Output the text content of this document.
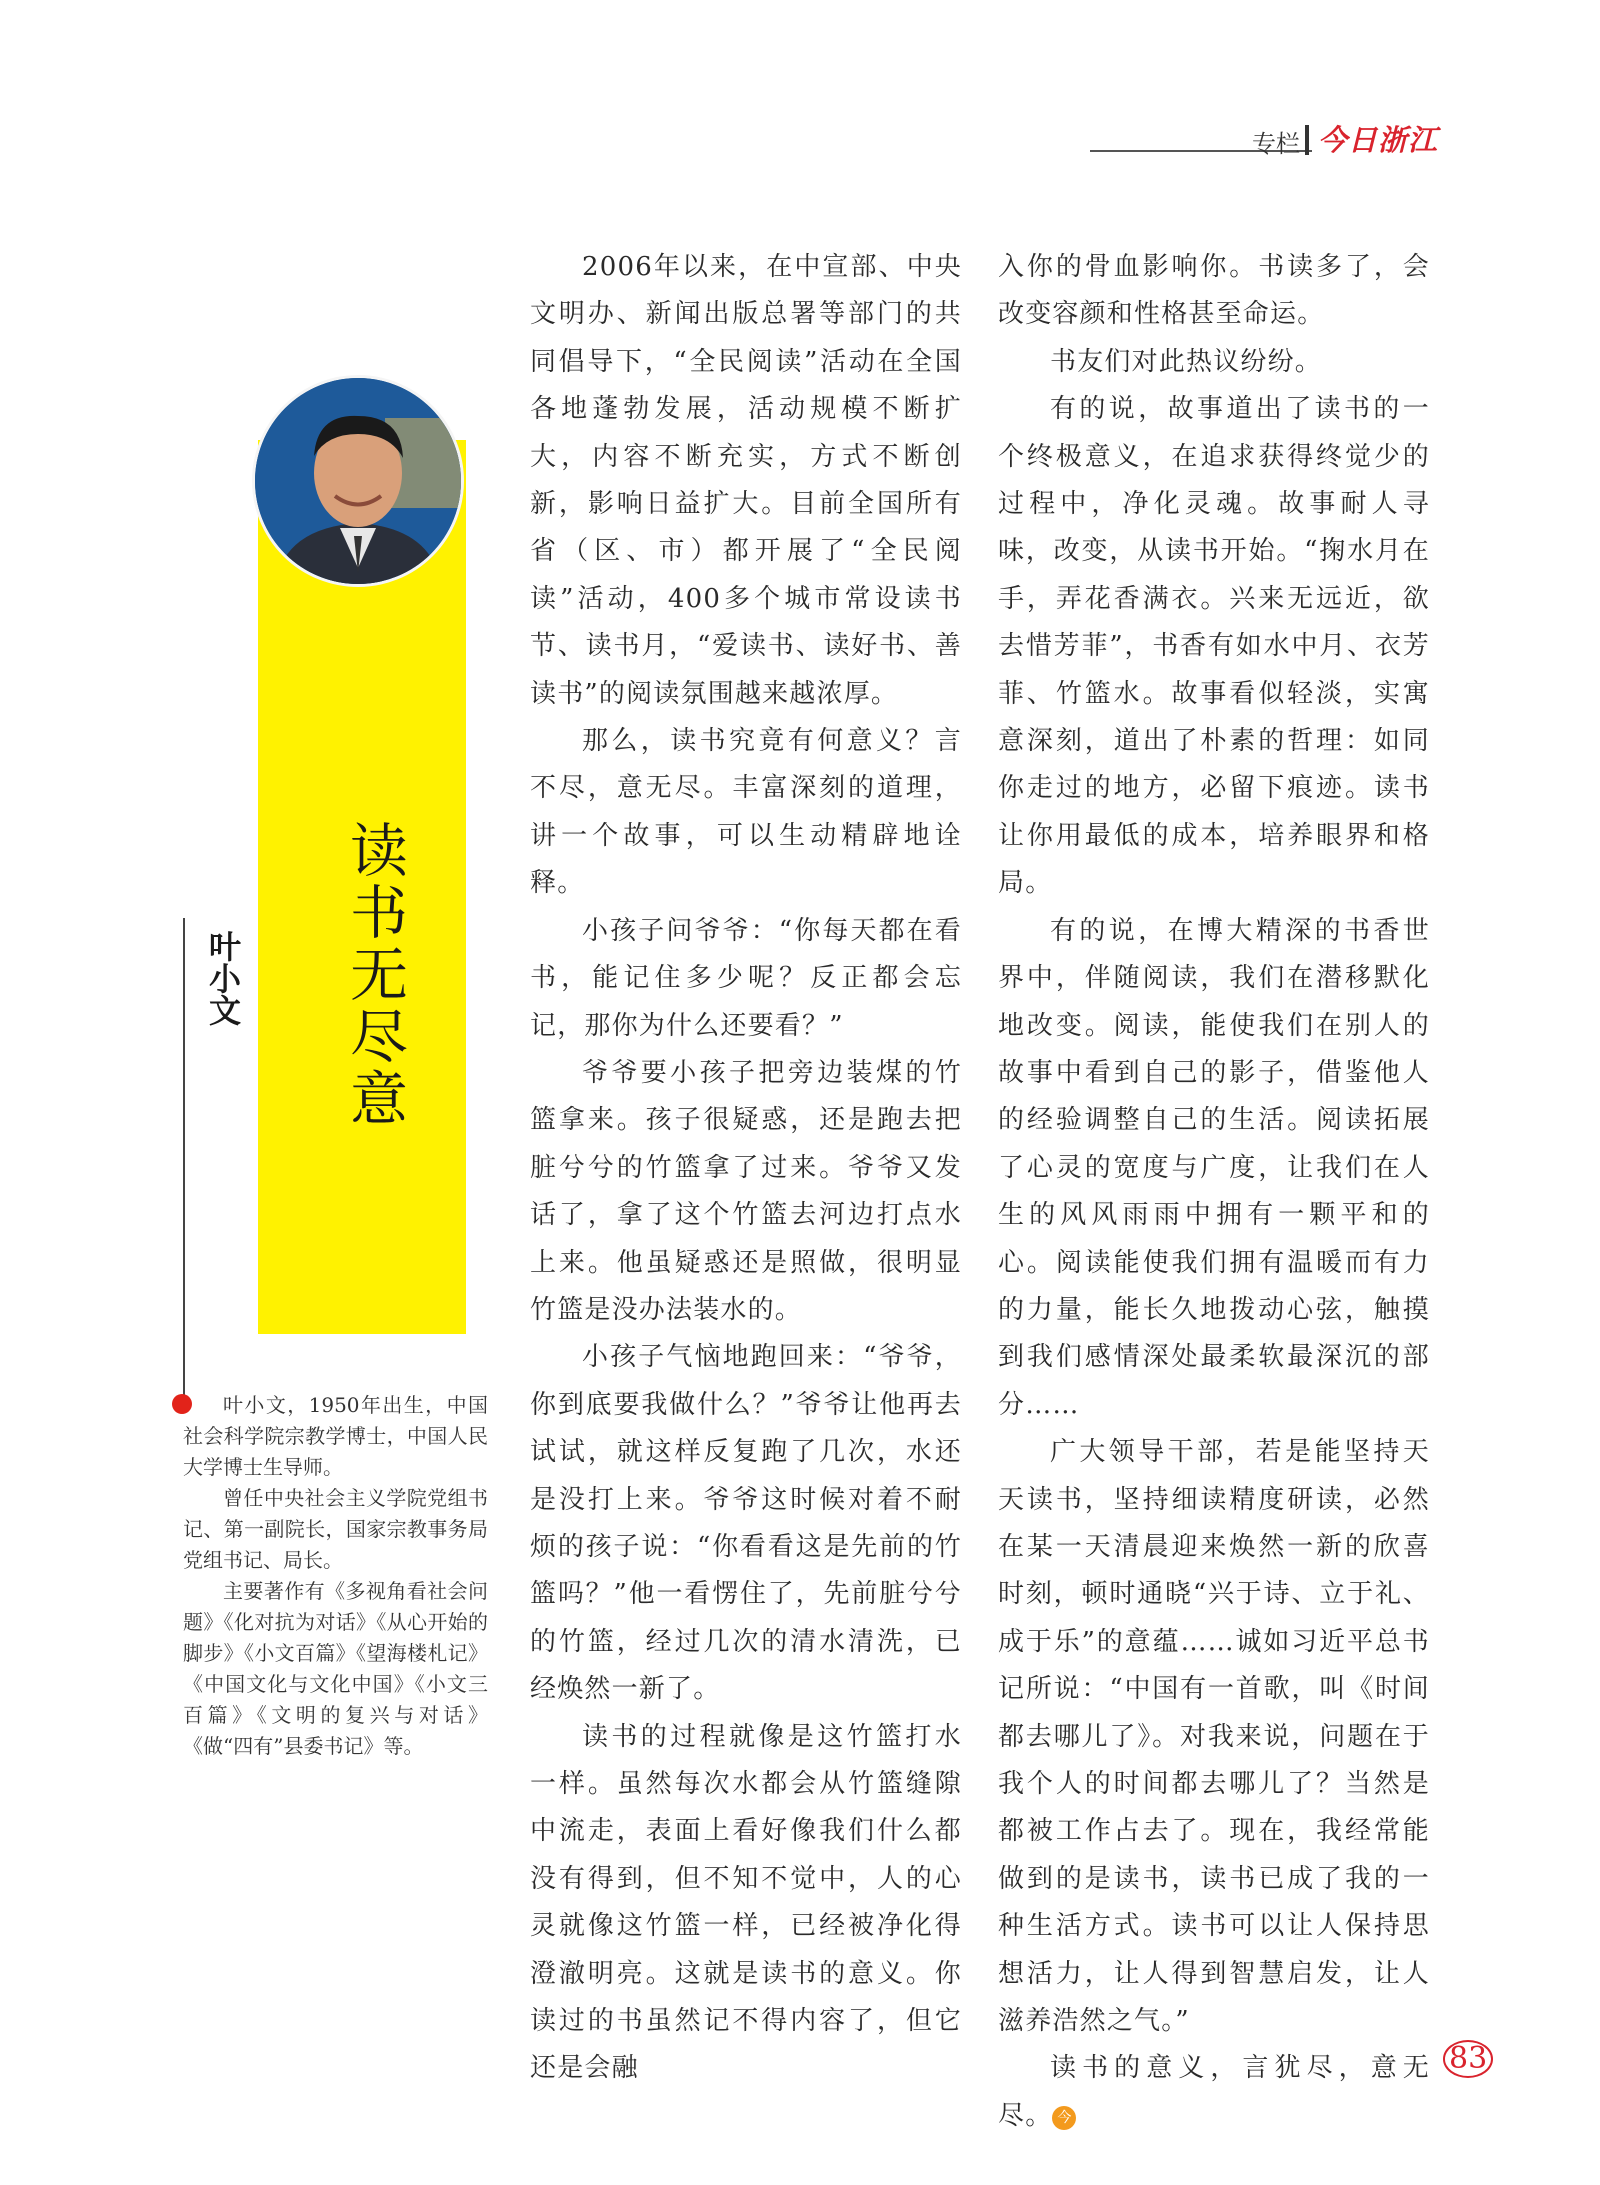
专栏 今日浙江
读书无尽意
叶小文

叶小文，1950年出生，中国社会科学院宗教学博士，中国人民大学博士生导师。

曾任中央社会主义学院党组书记、第一副院长，国家宗教事务局党组书记、局长。

主要著作有《多视角看社会问题》《化对抗为对话》《从心开始的脚步》《小文百篇》《望海楼札记》《中国文化与文化中国》《小文三百篇》《文明的复兴与对话》《做“四有”县委书记》等。

2006年以来，在中宣部、中央文明办、新闻出版总署等部门的共同倡导下，“全民阅读”活动在全国各地蓬勃发展，活动规模不断扩大，内容不断充实，方式不断创新，影响日益扩大。目前全国所有省（区、市）都开展了“全民阅读”活动，400多个城市常设读书节、读书月，“爱读书、读好书、善读书”的阅读氛围越来越浓厚。

那么，读书究竟有何意义？言不尽，意无尽。丰富深刻的道理，讲一个故事，可以生动精辟地诠释。

小孩子问爷爷：“你每天都在看书，能记住多少呢？反正都会忘记，那你为什么还要看？”

爷爷要小孩子把旁边装煤的竹篮拿来。孩子很疑惑，还是跑去把脏兮兮的竹篮拿了过来。爷爷又发话了，拿了这个竹篮去河边打点水上来。他虽疑惑还是照做，很明显竹篮是没办法装水的。

小孩子气恼地跑回来：“爷爷，你到底要我做什么？”爷爷让他再去试试，就这样反复跑了几次，水还是没打上来。爷爷这时候对着不耐烦的孩子说：“你看看这是先前的竹篮吗？”他一看愣住了，先前脏兮兮的竹篮，经过几次的清水清洗，已经焕然一新了。

读书的过程就像是这竹篮打水一样。虽然每次水都会从竹篮缝隙中流走，表面上看好像我们什么都没有得到，但不知不觉中，人的心灵就像这竹篮一样，已经被净化得澄澈明亮。这就是读书的意义。你读过的书虽然记不得内容了，但它还是会融

入你的骨血影响你。书读多了，会改变容颜和性格甚至命运。

书友们对此热议纷纷。

有的说，故事道出了读书的一个终极意义，在追求获得终觉少的过程中，净化灵魂。故事耐人寻味，改变，从读书开始。“掬水月在手，弄花香满衣。兴来无远近，欲去惜芳菲”，书香有如水中月、衣芳菲、竹篮水。故事看似轻淡，实寓意深刻，道出了朴素的哲理：如同你走过的地方，必留下痕迹。读书让你用最低的成本，培养眼界和格局。

有的说，在博大精深的书香世界中，伴随阅读，我们在潜移默化地改变。阅读，能使我们在别人的故事中看到自己的影子，借鉴他人的经验调整自己的生活。阅读拓展了心灵的宽度与广度，让我们在人生的风风雨雨中拥有一颗平和的心。阅读能使我们拥有温暖而有力的力量，能长久地拨动心弦，触摸到我们感情深处最柔软最深沉的部分……

广大领导干部，若是能坚持天天读书，坚持细读精度研读，必然在某一天清晨迎来焕然一新的欣喜时刻，顿时通晓“兴于诗、立于礼、成于乐”的意蕴……诚如习近平总书记所说：“中国有一首歌，叫《时间都去哪儿了》。对我来说，问题在于我个人的时间都去哪儿了？当然是都被工作占去了。现在，我经常能做到的是读书，读书已成了我的一种生活方式。读书可以让人保持思想活力，让人得到智慧启发，让人滋养浩然之气。”

读书的意义，言犹尽，意无尽。 今

83
